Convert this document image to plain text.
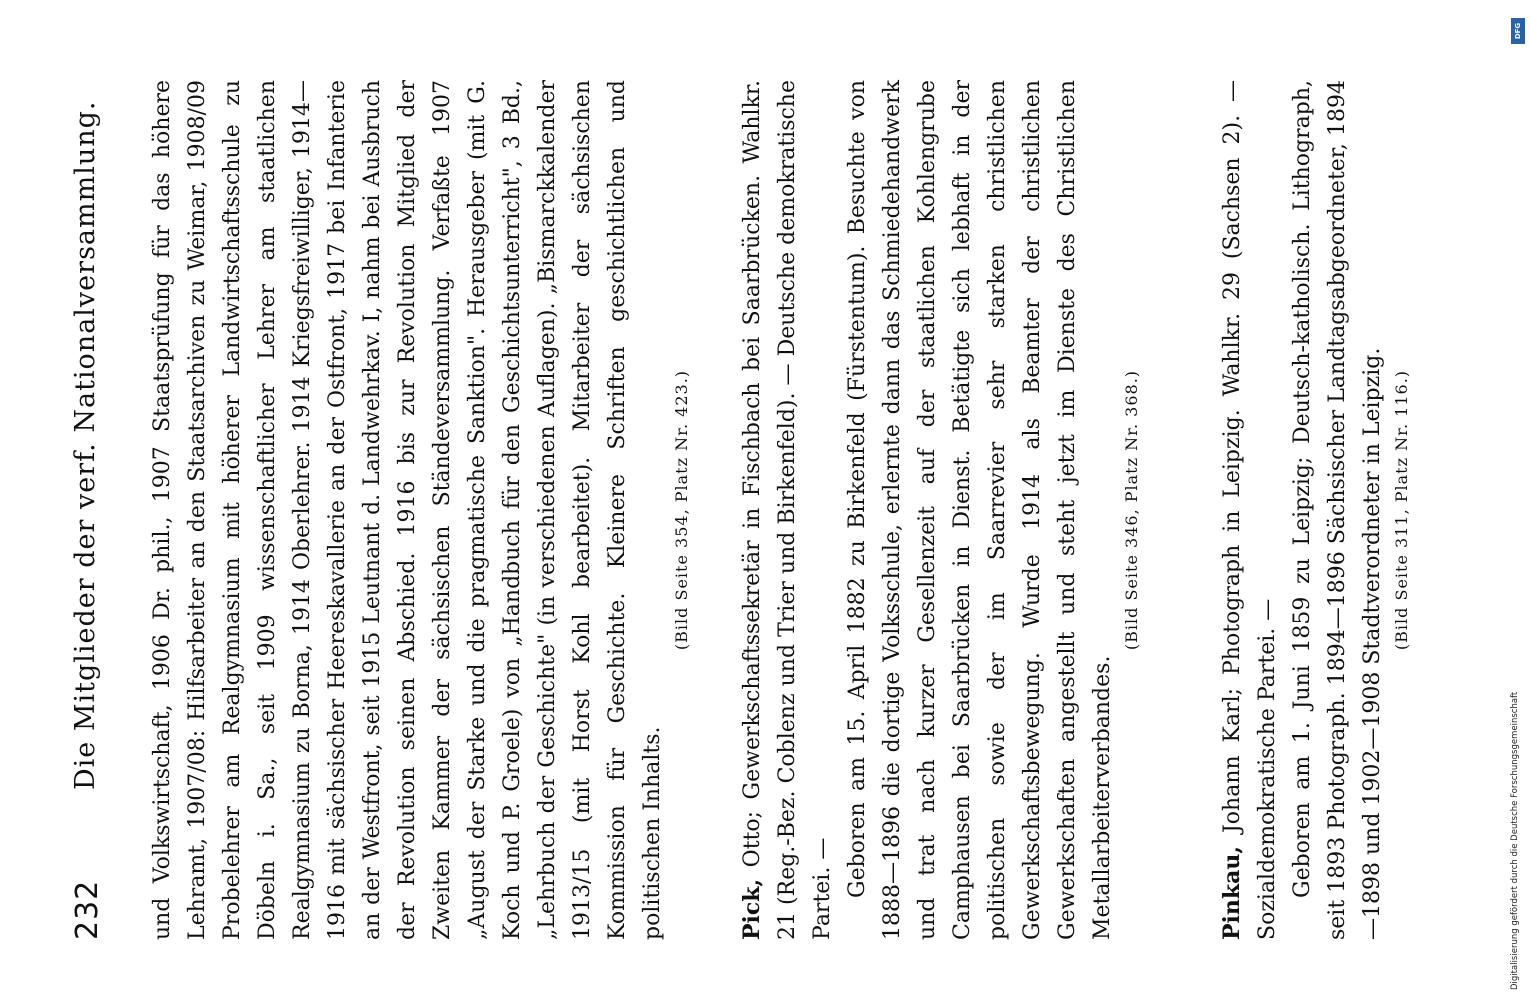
232
Die Mitglieder der verf. Nationalversammlung. und Volkswirtschaft, 1906 Dr. phil., 1907 Staatsprüfung für das höhere Lehramt, 1907/08: Hilfsarbeiter an den Staatsarchiven zu Weimar, 1908/09 Probelehrer am Realgymnasium mit höherer Landwirtschaftsschule zu Döbeln i. Sa., seit 1909 wissenschaftlicher Lehrer am staatlichen Realgymnasium zu Borna, 1914 Oberlehrer. 1914 Kriegsfreiwilliger, 1914—1916 mit sächsischer Heereskavallerie an der Ostfront, 1917 bei Infanterie an der Westfront, seit 1915 Leutnant d. Landwehrkav. I, nahm bei Ausbruch der Revolution seinen Abschied. 1916 bis zur Revolution Mitglied der Zweiten Kammer der sächsischen Ständeversammlung. Verfaßte 1907 „August der Starke und die pragmatische Sanktion". Herausgeber (mit G. Koch und P. Groele) von „Handbuch für den Geschichtsunterricht", 3 Bd., „Lehrbuch der Geschichte" (in verschiedenen Auflagen). „Bismarckkalender 1913/15 (mit Horst Kohl bearbeitet). Mitarbeiter der sächsischen Kommission für Geschichte. Kleinere Schriften geschichtlichen und politischen Inhalts.

(Bild Seite 354, Platz Nr. 423.)

Pick, Otto; Gewerkschaftssekretär in Fischbach bei Saarbrücken. Wahlkr. 21 (Reg.-Bez. Coblenz und Trier und Birkenfeld). — Deutsche demokratische Partei. — Geboren am 15. April 1882 zu Birkenfeld (Fürstentum). Besuchte von 1888—1896 die dortige Volksschule, erlernte dann das Schmiedehandwerk und trat nach kurzer Gesellenzeit auf der staatlichen Kohlengrube Camphausen bei Saarbrücken in Dienst. Betätigte sich lebhaft in der politischen sowie der im Saarrevier sehr starken christlichen Gewerkschaftsbewegung. Wurde 1914 als Beamter der christlichen Gewerkschaften angestellt und steht jetzt im Dienste des Christlichen Metallarbeiterverbandes.

(Bild Seite 346, Platz Nr. 368.)

Pinkau, Johann Karl; Photograph in Leipzig. Wahlkr. 29 (Sachsen 2). — Sozialdemokratische Partei. — Geboren am 1. Juni 1859 zu Leipzig; Deutsch-katholisch. Lithograph, seit 1893 Photograph. 1894—1896 Sächsischer Landtagsabgeordneter, 1894—1898 und 1902—1908 Stadtverordneter in Leipzig. (Bild Seite 311, Platz Nr. 116.)

DFG
Digitalisierung gefördert durch die Deutsche Forschungsgemeinschaft
